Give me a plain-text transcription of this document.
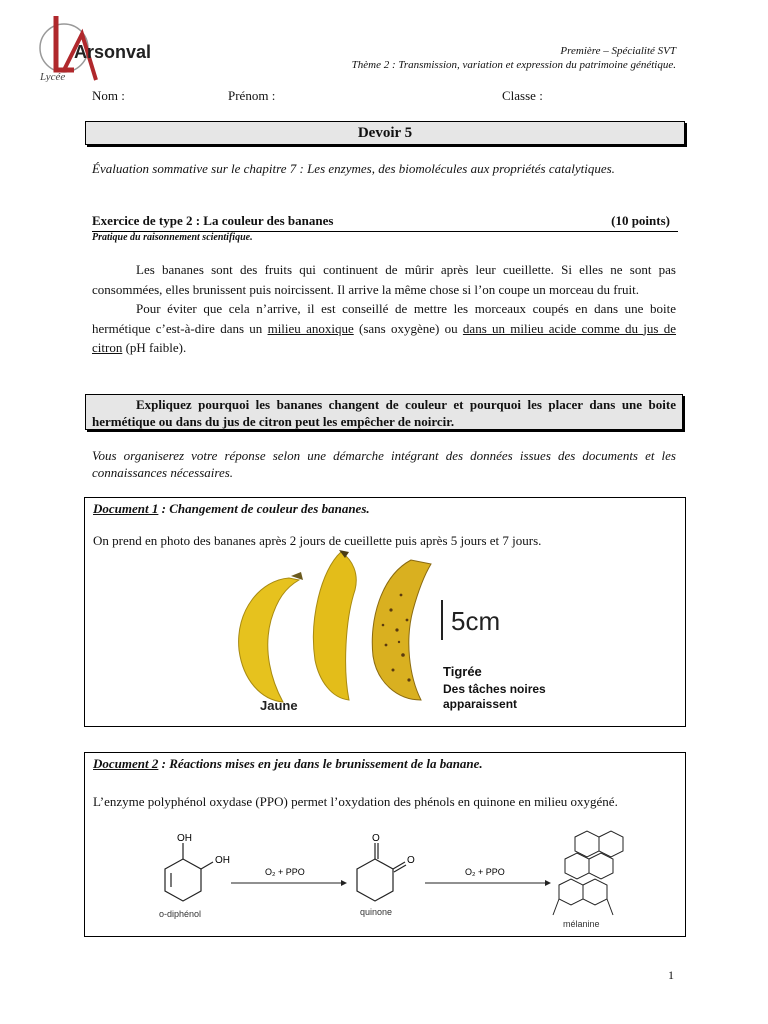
Arsonval
Lycée
Première – Spécialité SVT
Thème 2 : Transmission, variation et expression du patrimoine génétique.
Nom :	Prénom :	Classe :
Devoir 5
Évaluation sommative sur le chapitre 7 : Les enzymes, des biomolécules aux propriétés catalytiques.
Exercice de type 2 : La couleur des bananes	(10 points)
Pratique du raisonnement scientifique.

Les bananes sont des fruits qui continuent de mûrir après leur cueillette. Si elles ne sont pas consommées, elles brunissent puis noircissent. Il arrive la même chose si l’on coupe un morceau du fruit.

Pour éviter que cela n’arrive, il est conseillé de mettre les morceaux coupés en dans une boite hermétique c’est-à-dire dans un milieu anoxique (sans oxygène) ou dans un milieu acide comme du jus de citron (pH faible).

Expliquez pourquoi les bananes changent de couleur et pourquoi les placer dans une boite hermétique ou dans du jus de citron peut les empêcher de noircir.
Vous organiserez votre réponse selon une démarche intégrant des données issues des documents et les connaissances nécessaires.
Document 1 : Changement de couleur des bananes.
On prend en photo des bananes après 2 jours de cueillette puis après 5 jours et 7 jours.
Jaune
5cm
Tigrée
Des tâches noires
apparaissent
Document 2 : Réactions mises en jeu dans le brunissement de la banane.
L’enzyme polyphénol oxydase (PPO) permet l’oxydation des phénols en quinone en milieu oxygéné.
OH
OH
o-diphénol
O₂ + PPO
O
O
quinone
O₂ + PPO
mélanine
1
